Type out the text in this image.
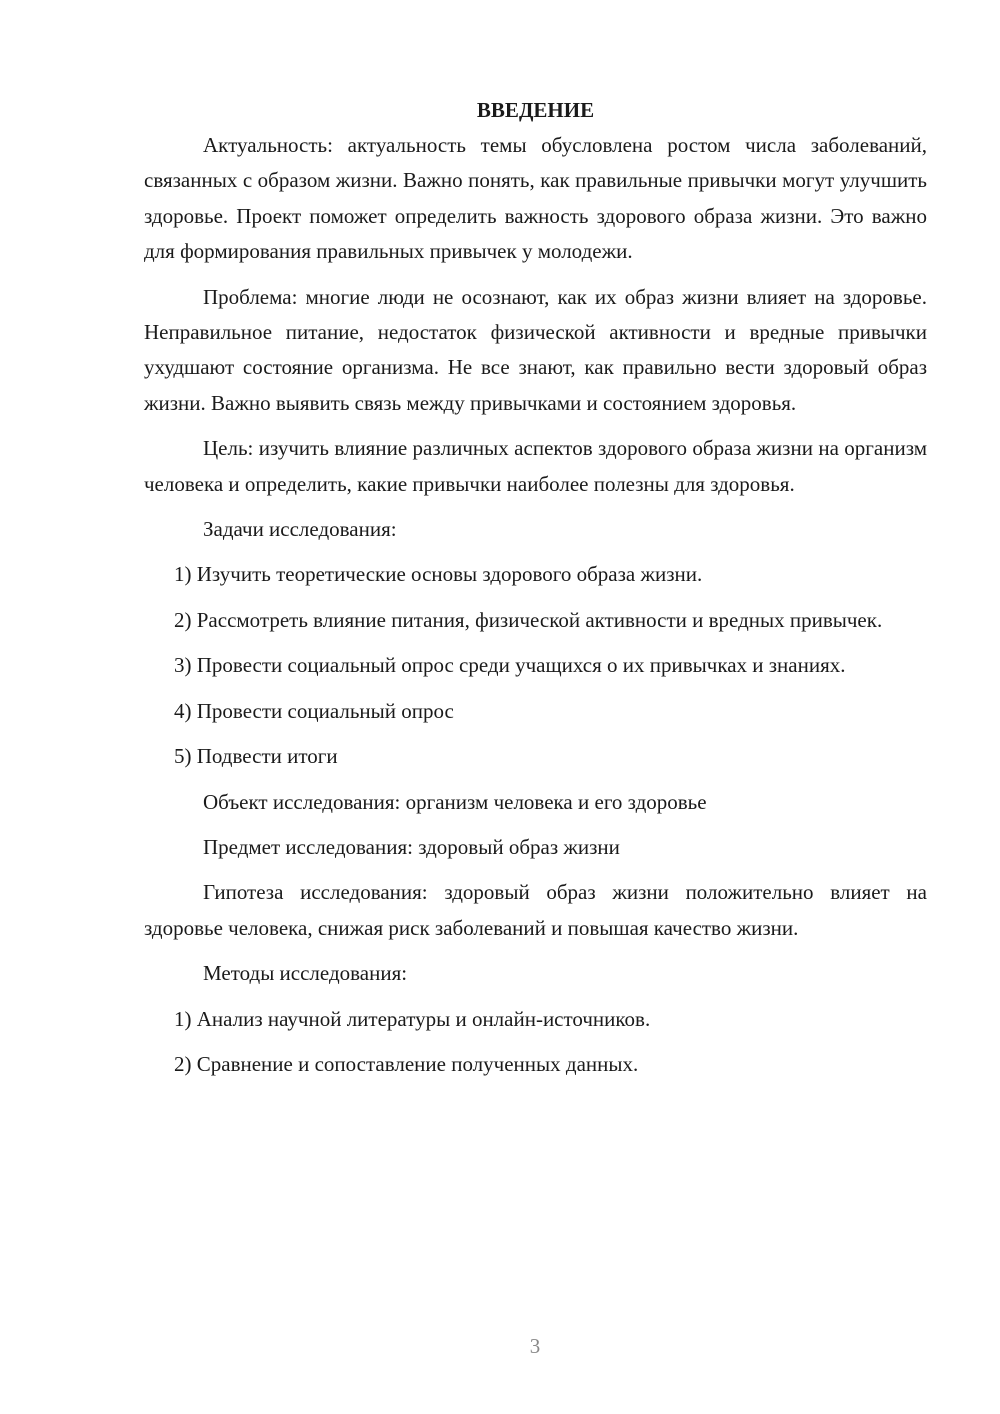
ВВЕДЕНИЕ

Актуальность: актуальность темы обусловлена ростом числа заболеваний, связанных с образом жизни. Важно понять, как правильные привычки могут улучшить здоровье. Проект поможет определить важность здорового образа жизни. Это важно для формирования правильных привычек у молодежи.

Проблема: многие люди не осознают, как их образ жизни влияет на здоровье. Неправильное питание, недостаток физической активности и вредные привычки ухудшают состояние организма. Не все знают, как правильно вести здоровый образ жизни. Важно выявить связь между привычками и состоянием здоровья.

Цель: изучить влияние различных аспектов здорового образа жизни на организм человека и определить, какие привычки наиболее полезны для здоровья.

Задачи исследования:

1) Изучить теоретические основы здорового образа жизни.

2) Рассмотреть влияние питания, физической активности и вредных привычек.

3) Провести социальный опрос среди учащихся о их привычках и знаниях.

4) Провести социальный опрос

5) Подвести итоги

Объект исследования: организм человека и его здоровье

Предмет исследования: здоровый образ жизни

Гипотеза исследования: здоровый образ жизни положительно влияет на здоровье человека, снижая риск заболеваний и повышая качество жизни.

Методы исследования:

1) Анализ научной литературы и онлайн-источников.

2) Сравнение и сопоставление полученных данных.

3
